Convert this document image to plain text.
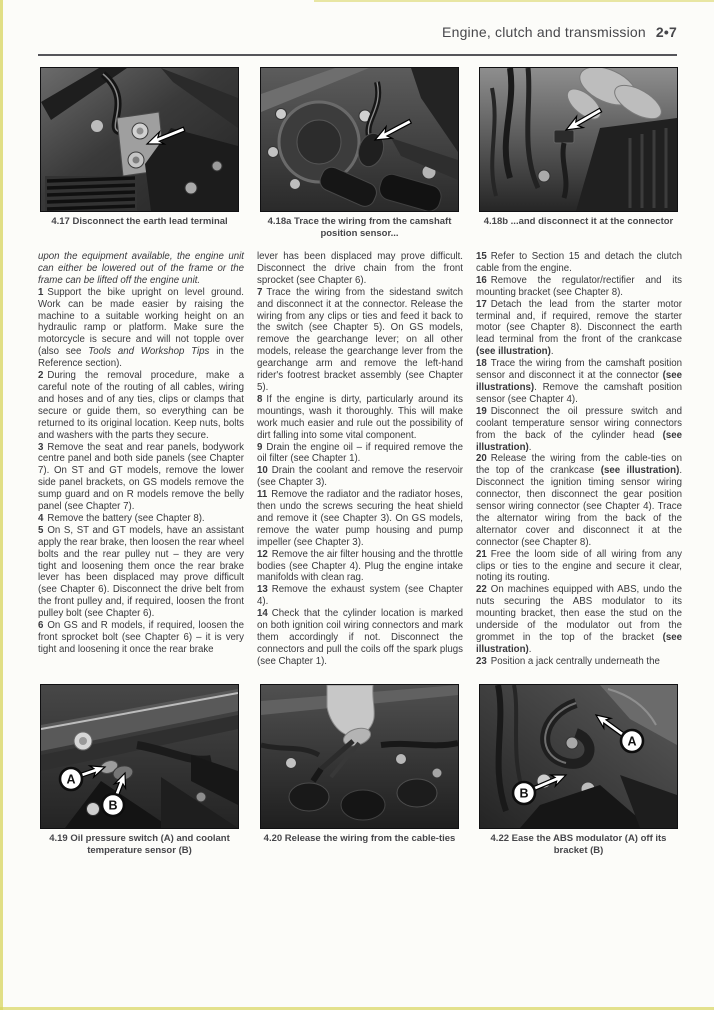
Engine, clutch and transmission 2•7
4.17 Disconnect the earth lead terminal	4.18a Trace the wiring from the camshaft position sensor...
4.18b ...and disconnect it at the connector

upon the equipment available, the engine unit can either be lowered out of the frame or the frame can be lifted off the engine unit.

1 Support the bike upright on level ground. Work can be made easier by raising the machine to a suitable working height on an hydraulic ramp or platform. Make sure the motorcycle is secure and will not topple over (also see Tools and Workshop Tips in the Reference section).

2 During the removal procedure, make a careful note of the routing of all cables, wiring and hoses and of any ties, clips or clamps that secure or guide them, so everything can be returned to its original location. Keep nuts, bolts and washers with the parts they secure.

3 Remove the seat and rear panels, bodywork centre panel and both side panels (see Chapter 7). On ST and GT models, remove the lower side panel brackets, on GS models remove the sump guard and on R models remove the belly panel (see Chapter 7).

4 Remove the battery (see Chapter 8).

5 On S, ST and GT models, have an assistant apply the rear brake, then loosen the rear wheel bolts and the rear pulley nut – they are very tight and loosening them once the rear brake lever has been displaced may prove difficult (see Chapter 6). Disconnect the drive belt from the front pulley and, if required, loosen the front pulley bolt (see Chapter 6).

6 On GS and R models, if required, loosen the front sprocket bolt (see Chapter 6) – it is very tight and loosening it once the rear brake

lever has been displaced may prove difficult. Disconnect the drive chain from the front sprocket (see Chapter 6).

7 Trace the wiring from the sidestand switch and disconnect it at the connector. Release the wiring from any clips or ties and feed it back to the switch (see Chapter 5). On GS models, remove the gearchange lever; on all other models, release the gearchange lever from the gearchange arm and remove the left-hand rider's footrest bracket assembly (see Chapter 5).

8 If the engine is dirty, particularly around its mountings, wash it thoroughly. This will make work much easier and rule out the possibility of dirt falling into some vital component.

9 Drain the engine oil – if required remove the oil filter (see Chapter 1).

10 Drain the coolant and remove the reservoir (see Chapter 3).

11 Remove the radiator and the radiator hoses, then undo the screws securing the heat shield and remove it (see Chapter 3). On GS models, remove the water pump housing and pump impeller (see Chapter 3).

12 Remove the air filter housing and the throttle bodies (see Chapter 4). Plug the engine intake manifolds with clean rag.

13 Remove the exhaust system (see Chapter 4).

14 Check that the cylinder location is marked on both ignition coil wiring connectors and mark them accordingly if not. Disconnect the connectors and pull the coils off the spark plugs (see Chapter 1).

15 Refer to Section 15 and detach the clutch cable from the engine.

16 Remove the regulator/rectifier and its mounting bracket (see Chapter 8).

17 Detach the lead from the starter motor terminal and, if required, remove the starter motor (see Chapter 8). Disconnect the earth lead terminal from the front of the crankcase (see illustration).

18 Trace the wiring from the camshaft position sensor and disconnect it at the connector (see illustrations). Remove the camshaft position sensor (see Chapter 4).

19 Disconnect the oil pressure switch and coolant temperature sensor wiring connectors from the back of the cylinder head (see illustration).

20 Release the wiring from the cable-ties on the top of the crankcase (see illustration). Disconnect the ignition timing sensor wiring connector, then disconnect the gear position sensor wiring connector (see Chapter 4). Trace the alternator wiring from the back of the alternator cover and disconnect it at the connector (see Chapter 8).

21 Free the loom side of all wiring from any clips or ties to the engine and secure it clear, noting its routing.

22 On machines equipped with ABS, undo the nuts securing the ABS modulator to its mounting bracket, then ease the stud on the underside of the modulator out from the grommet in the top of the bracket (see illustration).

23 Position a jack centrally underneath the

A
B
4.19 Oil pressure switch (A) and coolant temperature sensor (B)
4.20 Release the wiring from the cable-ties
A
B
4.22 Ease the ABS modulator (A) off its bracket (B)
